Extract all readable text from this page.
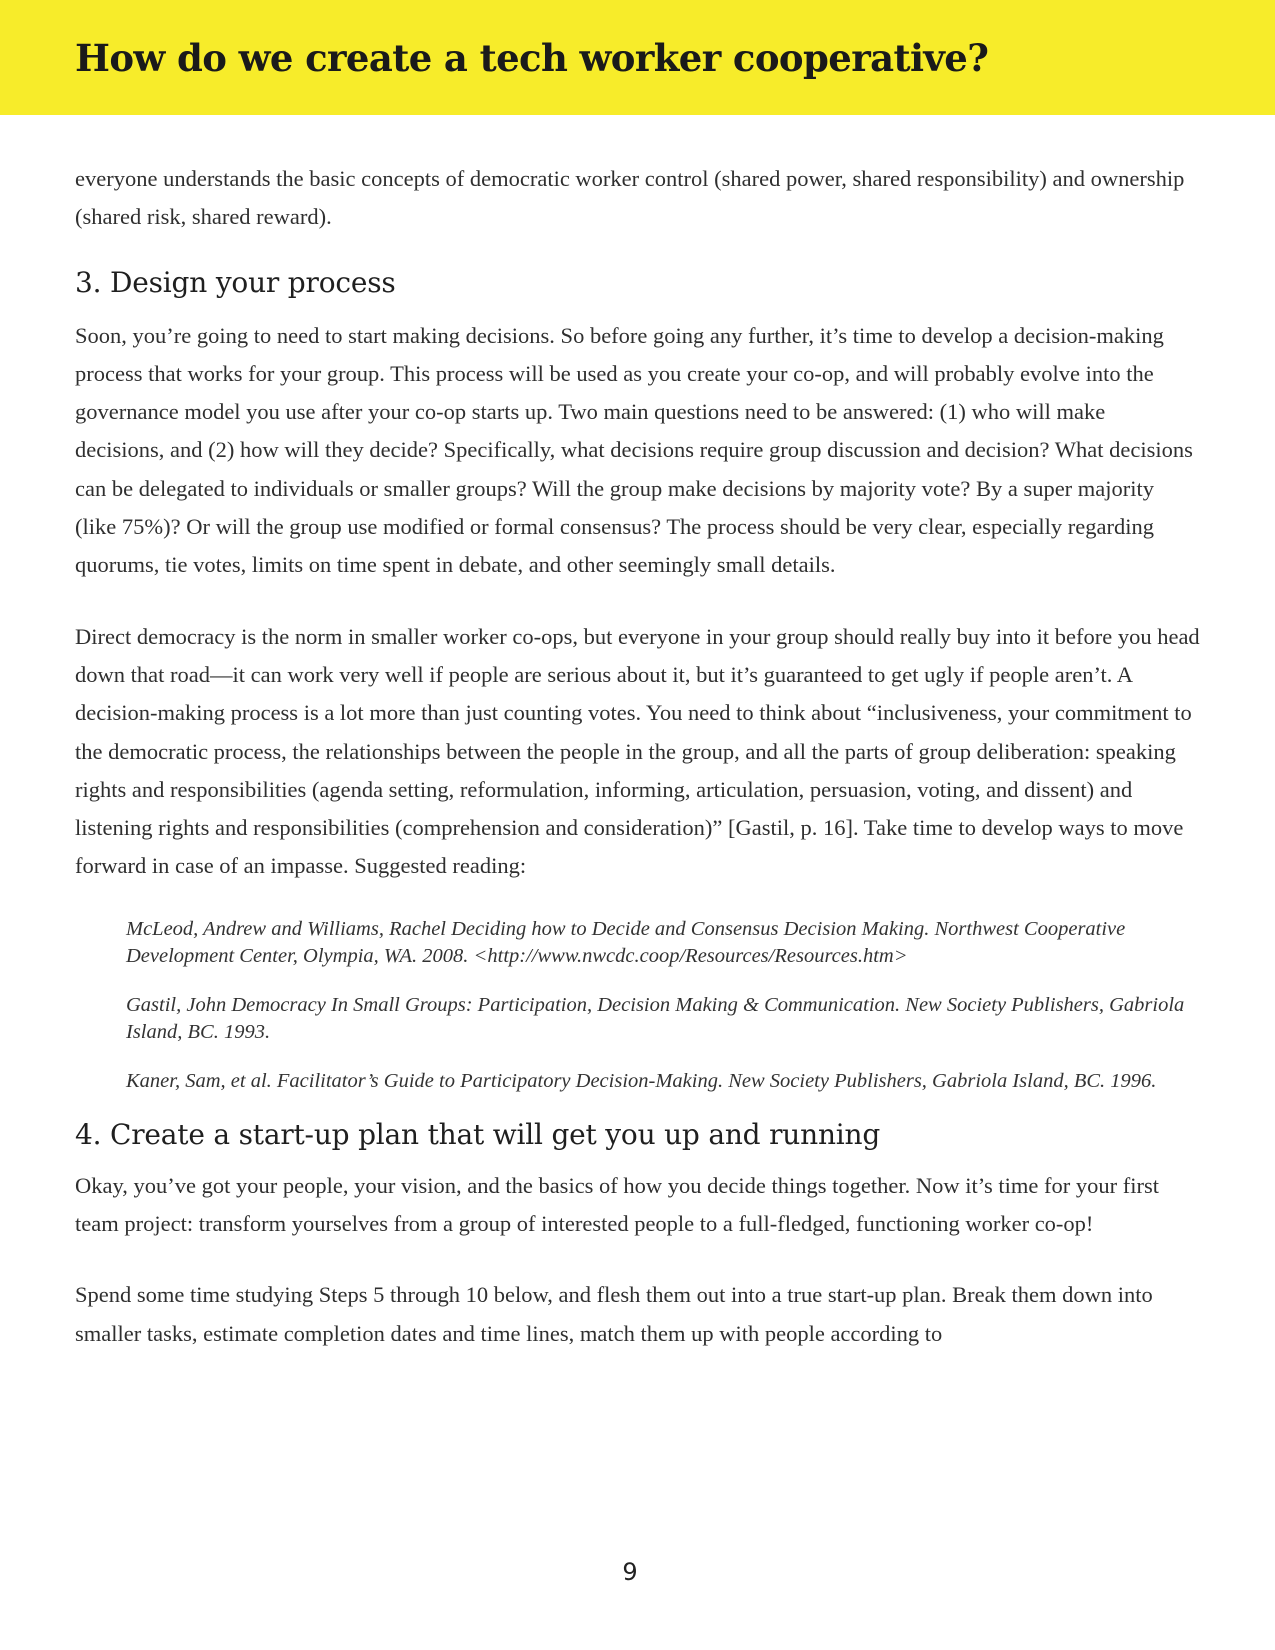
How do we create a tech worker cooperative?

everyone understands the basic concepts of democratic worker control (shared power, shared responsibility) and ownership (shared risk, shared reward).

3. Design your process

Soon, you’re going to need to start making decisions. So before going any further, it’s time to develop a decision-making process that works for your group. This process will be used as you create your co-op, and will probably evolve into the governance model you use after your co-op starts up. Two main questions need to be answered: (1) who will make decisions, and (2) how will they decide? Specifically, what decisions require group discussion and decision? What decisions can be delegated to individuals or smaller groups? Will the group make decisions by majority vote? By a super majority (like 75%)? Or will the group use modified or formal consensus? The process should be very clear, especially regarding quorums, tie votes, limits on time spent in debate, and other seemingly small details.

Direct democracy is the norm in smaller worker co-ops, but everyone in your group should really buy into it before you head down that road—it can work very well if people are serious about it, but it’s guaranteed to get ugly if people aren’t. A decision-making process is a lot more than just counting votes. You need to think about “inclusiveness, your commitment to the democratic process, the relationships between the people in the group, and all the parts of group deliberation: speaking rights and responsibilities (agenda setting, reformulation, informing, articulation, persuasion, voting, and dissent) and listening rights and responsibilities (comprehension and consideration)” [Gastil, p. 16]. Take time to develop ways to move forward in case of an impasse. Suggested reading:

McLeod, Andrew and Williams, Rachel Deciding how to Decide and Consensus Decision Making. Northwest Cooperative Development Center, Olympia, WA. 2008. <http://www.nwcdc.coop/Resources/Resources.htm>
Gastil, John Democracy In Small Groups: Participation, Decision Making & Communication. New Society Publishers, Gabriola Island, BC. 1993.
Kaner, Sam, et al. Facilitator’s Guide to Participatory Decision-Making. New Society Publishers, Gabriola Island, BC. 1996.
4. Create a start-up plan that will get you up and running

Okay, you’ve got your people, your vision, and the basics of how you decide things together. Now it’s time for your first team project: transform yourselves from a group of interested people to a full-fledged, functioning worker co-op!

Spend some time studying Steps 5 through 10 below, and flesh them out into a true start-up plan. Break them down into smaller tasks, estimate completion dates and time lines, match them up with people according to

9
